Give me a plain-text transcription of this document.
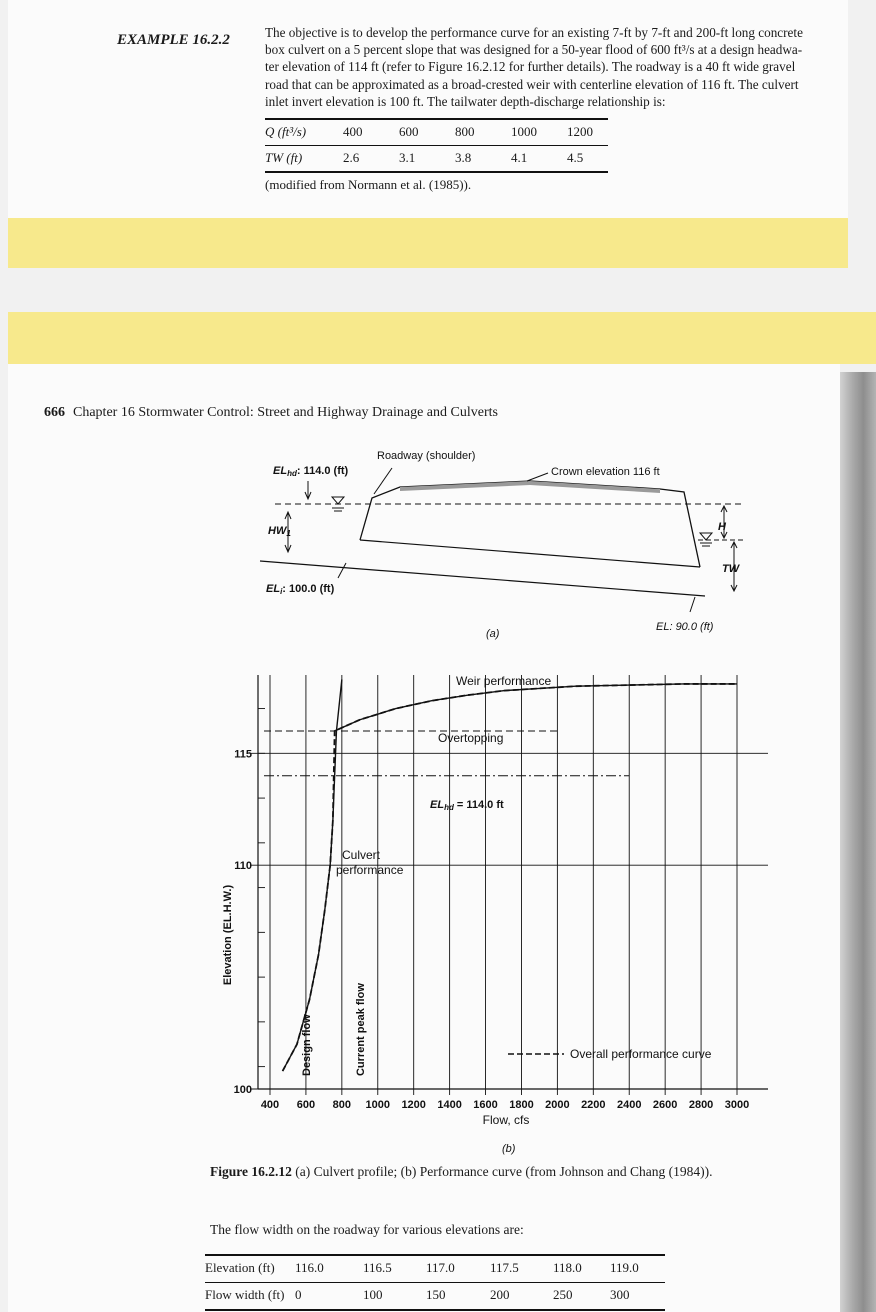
EXAMPLE 16.2.2	The objective is to develop the performance curve for an existing 7-ft by 7-ft and 200-ft long concrete
box culvert on a 5 percent slope that was designed for a 50-year flood of 600 ft³/s at a design headwa-
ter elevation of 114 ft (refer to Figure 16.2.12 for further details). The roadway is a 40 ft wide gravel
road that can be approximated as a broad-crested weir with centerline elevation of 116 ft. The culvert
inlet invert elevation is 100 ft. The tailwater depth-discharge relationship is:
Q (ft³/s)	400	600	800	1000	1200
TW (ft)	2.6	3.1	3.8	4.1	4.5
(modified from Normann et al. (1985)).
666 Chapter 16 Stormwater Control: Street and Highway Drainage and Culverts
Roadway (shoulder)
Crown elevation 116 ft
ELhd: 114.0 (ft)
HW1
ELi: 100.0 (ft)
H
TW
EL: 90.0 (ft)
(a)
400 600 800 1000 1200 1400 1600 1800 2000 2200 2400 2600 2800 3000
100
110
115
Design flow	Current peak flow
Elevation (EL.H.W.)
Flow, cfs
Weir performance
Overtopping
ELhd = 114.0 ft
Culvert
performance
Overall performance curve
(b)
Figure 16.2.12 (a) Culvert profile; (b) Performance curve (from Johnson and Chang (1984)).
The flow width on the roadway for various elevations are:
Elevation (ft)	116.0	116.5	117.0	117.5	118.0	119.0
Flow width (ft)	0	100	150	200	250	300
